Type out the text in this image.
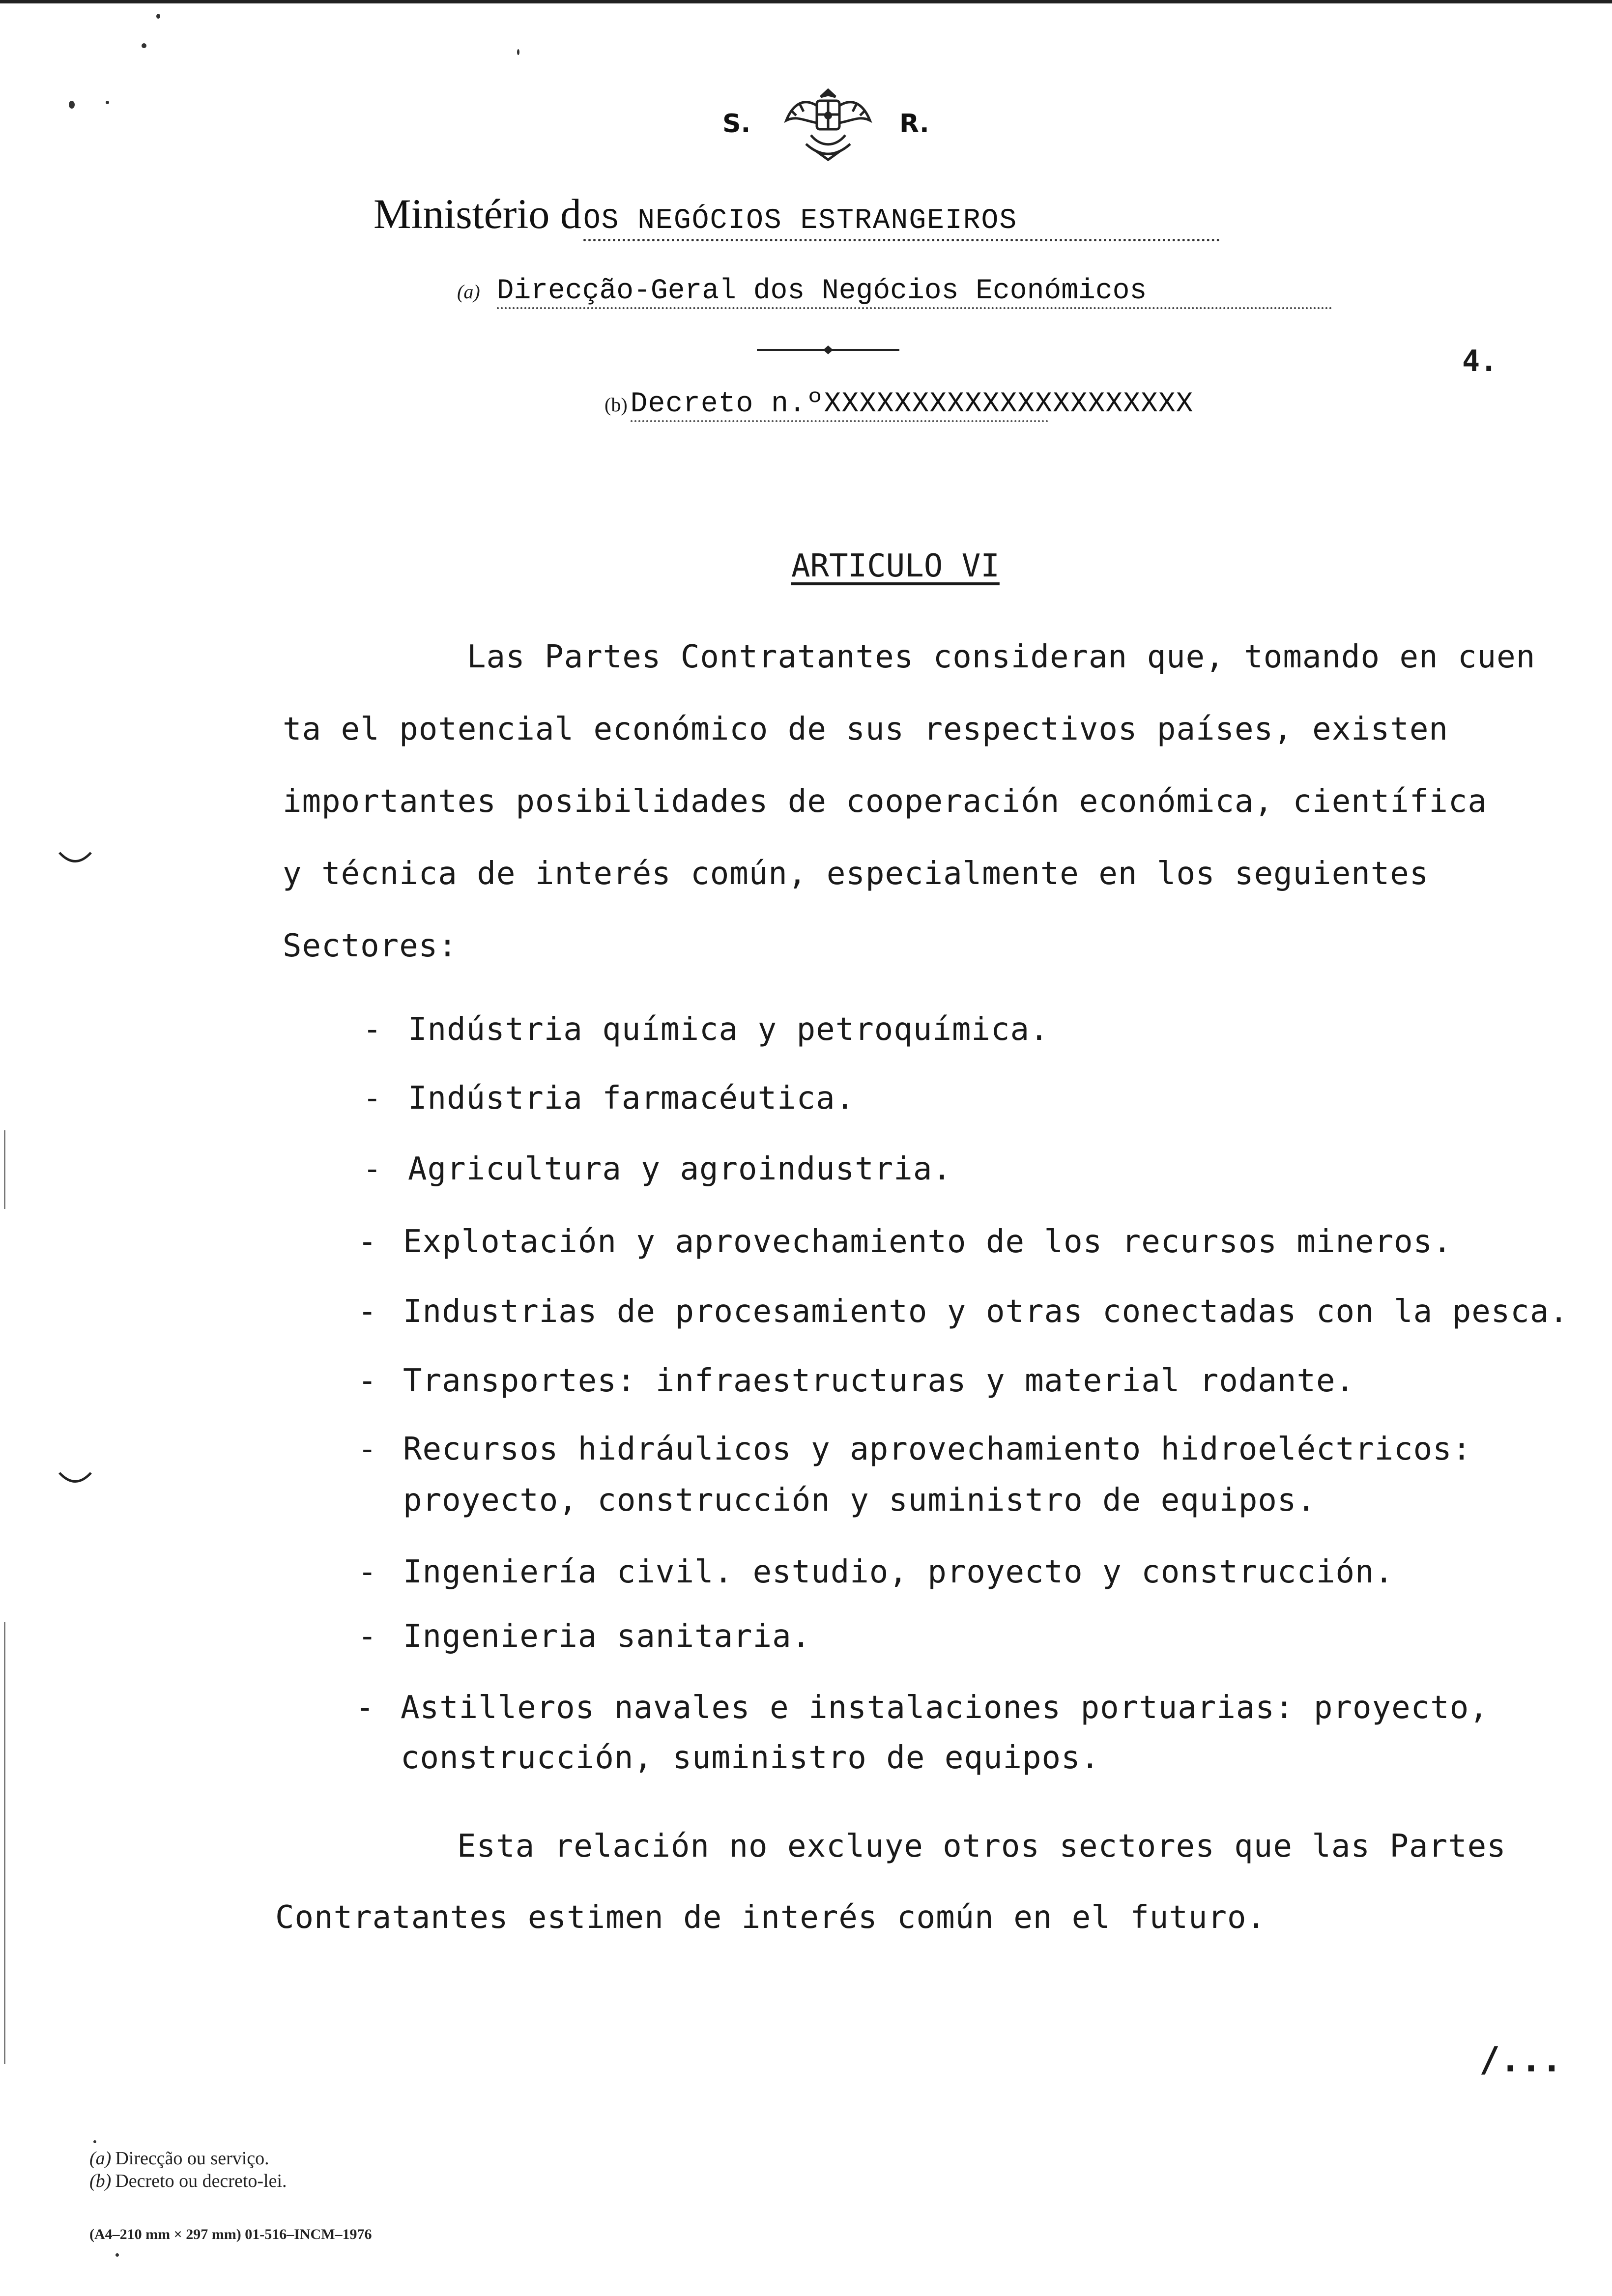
S.	R.
Ministério dOS NEGÓCIOS ESTRANGEIROS
(a) Direcção-Geral dos Negócios Económicos
(b) Decreto n.ºXXXXXXXXXXXXXXXXXXXXX
4.
ARTICULO VI
Las Partes Contratantes consideran que, tomando en cuen
ta el potencial económico de sus respectivos países, existen
importantes posibilidades de cooperación económica, científica
y técnica de interés común, especialmente en los seguientes
Sectores:
- Indústria química y petroquímica.
- Indústria farmacéutica.
- Agricultura y agroindustria.
- Explotación y aprovechamiento de los recursos mineros.
- Industrias de procesamiento y otras conectadas con la pesca.
- Transportes: infraestructuras y material rodante.
- Recursos hidráulicos y aprovechamiento hidroeléctricos:
proyecto, construcción y suministro de equipos.
- Ingeniería civil. estudio, proyecto y construcción.
- Ingenieria sanitaria.
- Astilleros navales e instalaciones portuarias: proyecto,
construcción, suministro de equipos.
Esta relación no excluye otros sectores que las Partes
Contratantes estimen de interés común en el futuro.
/...
(a) Direcção ou serviço.
(b) Decreto ou decreto-lei.
(A4–210 mm × 297 mm) 01-516–INCM–1976
